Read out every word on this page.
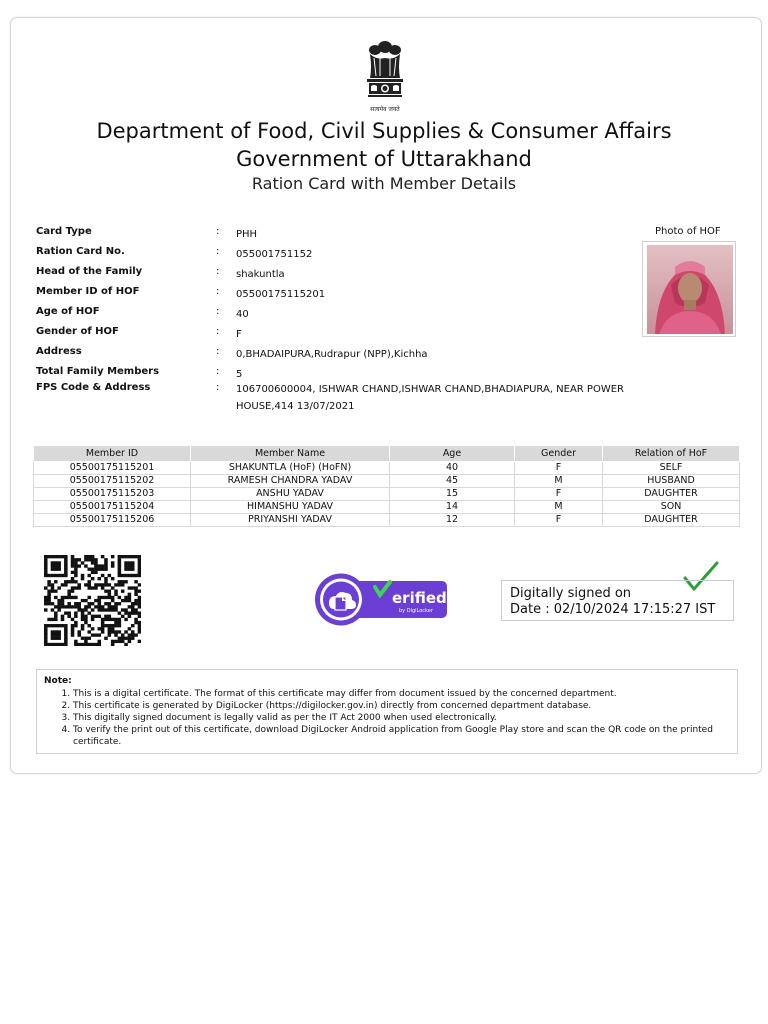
सत्यमेव जयते
Department of Food, Civil Supplies & Consumer Affairs
Government of Uttarakhand
Ration Card with Member Details
Card Type	: PHH
Ration Card No.	: 055001751152
Head of the Family	: shakuntla
Member ID of HOF	: 05500175115201
Age of HOF	: 40
Gender of HOF	: F
Address	: 0,BHADAIPURA,Rudrapur (NPP),Kichha
Total Family Members	: 5
FPS Code & Address	: 106700600004, ISHWAR CHAND,ISHWAR CHAND,BHADIAPURA, NEAR POWER HOUSE,414 13/07/2021
Photo of HOF
Member ID	Member Name	Age	Gender	Relation of HoF
05500175115201	SHAKUNTLA (HoF) (HoFN)	40	F	SELF
05500175115202	RAMESH CHANDRA YADAV	45	M	HUSBAND
05500175115203	ANSHU YADAV	15	F	DAUGHTER
05500175115204	HIMANSHU YADAV	14	M	SON
05500175115206	PRIYANSHI YADAV	12	F	DAUGHTER
erified
by DigiLocker
Digitally signed on
Date : 02/10/2024 17:15:27 IST
Note:
1. This is a digital certificate. The format of this certificate may differ from document issued by the concerned department.
2. This certificate is generated by DigiLocker (https://digilocker.gov.in) directly from concerned department database.
3. This digitally signed document is legally valid as per the IT Act 2000 when used electronically.
4. To verify the print out of this certificate, download DigiLocker Android application from Google Play store and scan the QR code on the printed certificate.
